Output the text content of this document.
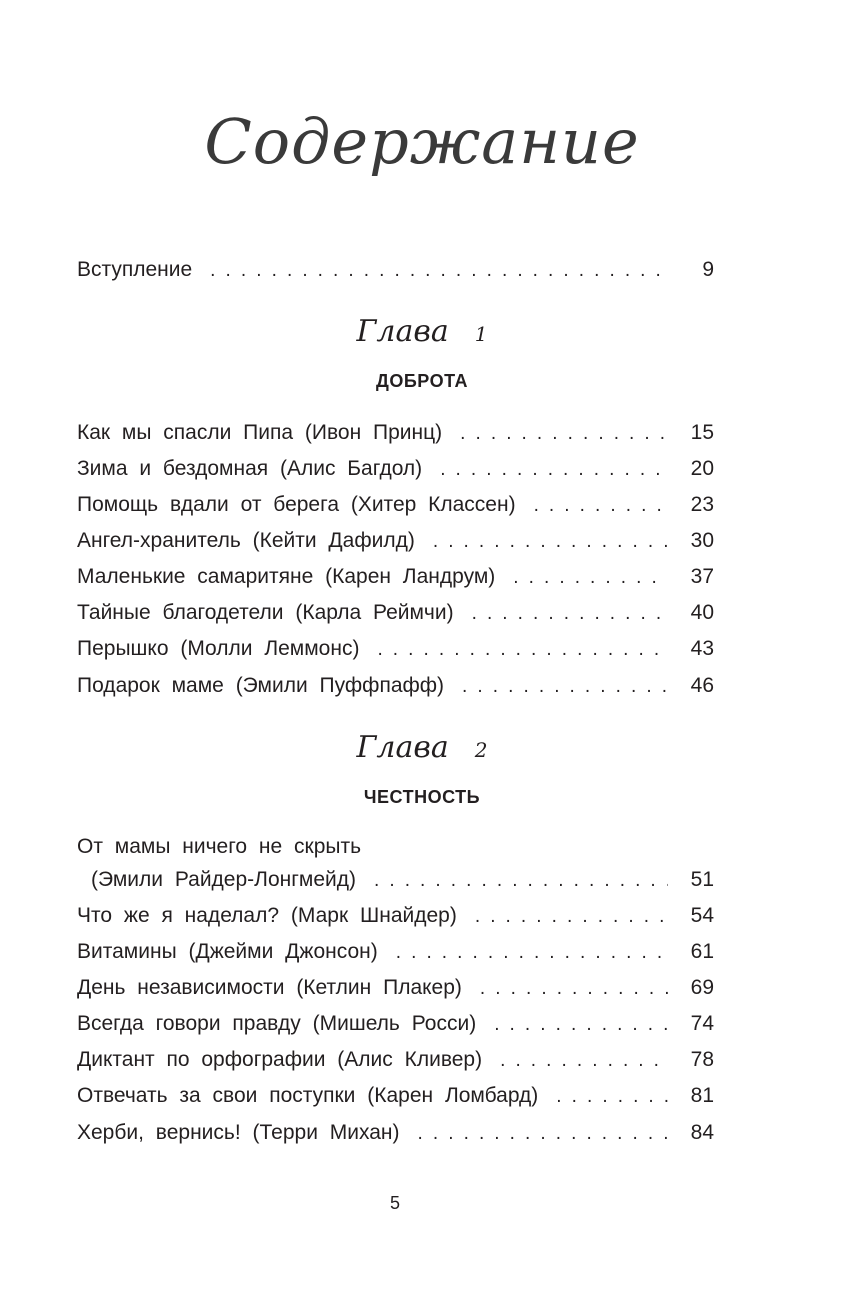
Содержание
Вступление . . .	9
Глава 1
ДОБРОТА
Как мы спасли Пипа (Ивон Принц) . . .	15
Зима и бездомная (Алис Багдол) . . .	20
Помощь вдали от берега (Хитер Классен) . . .	23
Ангел-хранитель (Кейти Дафилд) . . .	30
Маленькие самаритяне (Карен Ландрум) . . .	37
Тайные благодетели (Карла Реймчи) . . .	40
Перышко (Молли Леммонс) . . .	43
Подарок маме (Эмили Пуффпафф) . . .	46
Глава 2
ЧЕСТНОСТЬ
От мамы ничего не скрыть
(Эмили Райдер-Лонгмейд) . . .	51
Что же я наделал? (Марк Шнайдер) . . .	54
Витамины (Джейми Джонсон) . . .	61
День независимости (Кетлин Плакер) . . .	69
Всегда говори правду (Мишель Росси) . . .	74
Диктант по орфографии (Алис Кливер) . . .	78
Отвечать за свои поступки (Карен Ломбард) . . .	81
Херби, вернись! (Терри Михан) . . .	84
5
